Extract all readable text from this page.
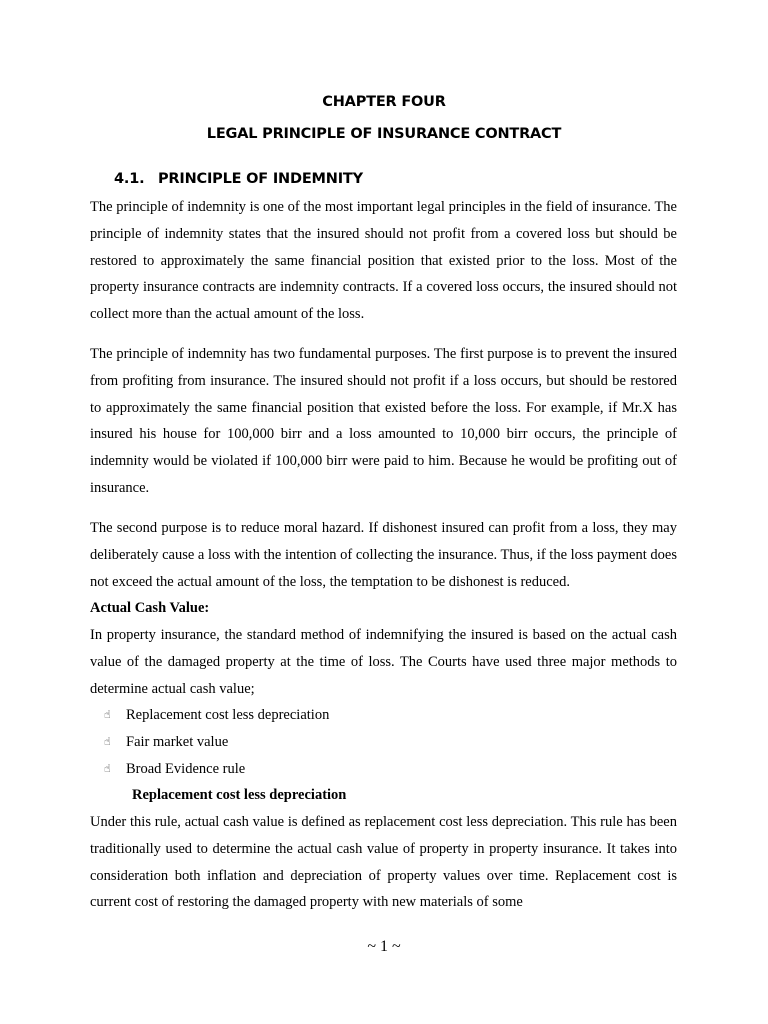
CHAPTER FOUR
LEGAL PRINCIPLE OF INSURANCE CONTRACT
4.1. PRINCIPLE OF INDEMNITY

The principle of indemnity is one of the most important legal principles in the field of insurance. The principle of indemnity states that the insured should not profit from a covered loss but should be restored to approximately the same financial position that existed prior to the loss. Most of the property insurance contracts are indemnity contracts. If a covered loss occurs, the insured should not collect more than the actual amount of the loss.

The principle of indemnity has two fundamental purposes. The first purpose is to prevent the insured from profiting from insurance. The insured should not profit if a loss occurs, but should be restored to approximately the same financial position that existed before the loss. For example, if Mr.X has insured his house for 100,000 birr and a loss amounted to 10,000 birr occurs, the principle of indemnity would be violated if 100,000 birr were paid to him. Because he would be profiting out of insurance.

The second purpose is to reduce moral hazard. If dishonest insured can profit from a loss, they may deliberately cause a loss with the intention of collecting the insurance. Thus, if the loss payment does not exceed the actual amount of the loss, the temptation to be dishonest is reduced.

Actual Cash Value:

In property insurance, the standard method of indemnifying the insured is based on the actual cash value of the damaged property at the time of loss. The Courts have used three major methods to determine actual cash value;

☝	Replacement cost less depreciation
☝	Fair market value
☝	Broad Evidence rule

Replacement cost less depreciation

Under this rule, actual cash value is defined as replacement cost less depreciation. This rule has been traditionally used to determine the actual cash value of property in property insurance. It takes into consideration both inflation and depreciation of property values over time. Replacement cost is current cost of restoring the damaged property with new materials of some

~ 1 ~
